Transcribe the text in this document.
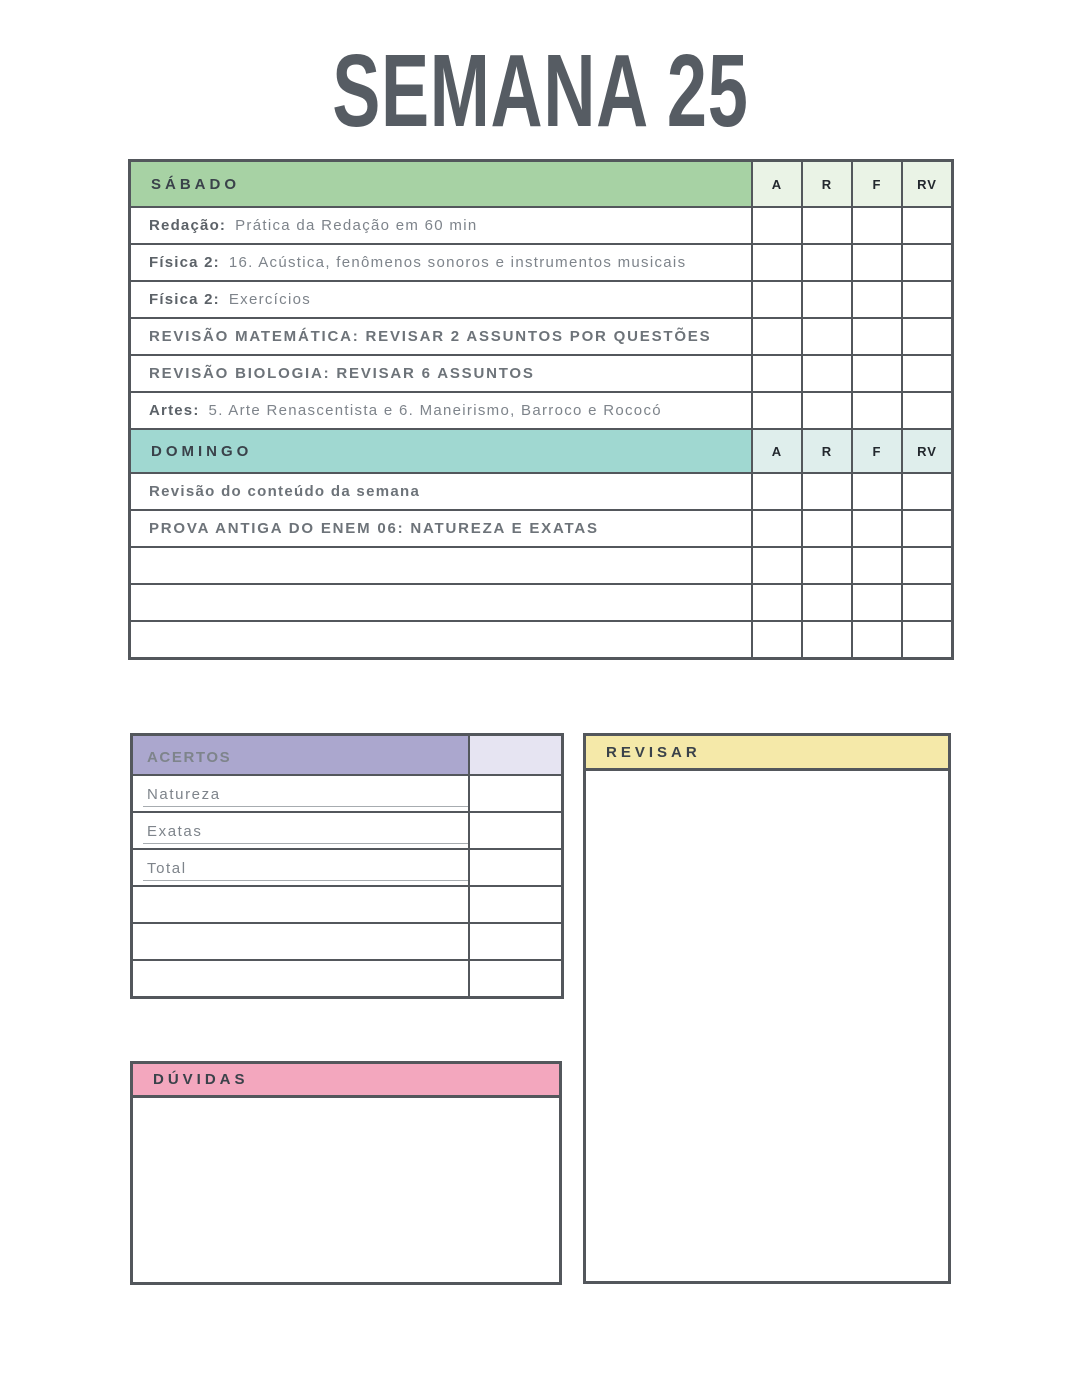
SEMANA 25
SÁBADO	A	R	F	RV
Redação: Prática da Redação em 60 min
Física 2: 16. Acústica, fenômenos sonoros e instrumentos musicais
Física 2: Exercícios
REVISÃO MATEMÁTICA: REVISAR 2 ASSUNTOS POR QUESTÕES
REVISÃO BIOLOGIA: REVISAR 6 ASSUNTOS
Artes: 5. Arte Renascentista e 6. Maneirismo, Barroco e Rococó
DOMINGO	A	R	F	RV
Revisão do conteúdo da semana
PROVA ANTIGA DO ENEM 06: NATUREZA E EXATAS
ACERTOS
Natureza
Exatas
Total
DÚVIDAS
REVISAR
